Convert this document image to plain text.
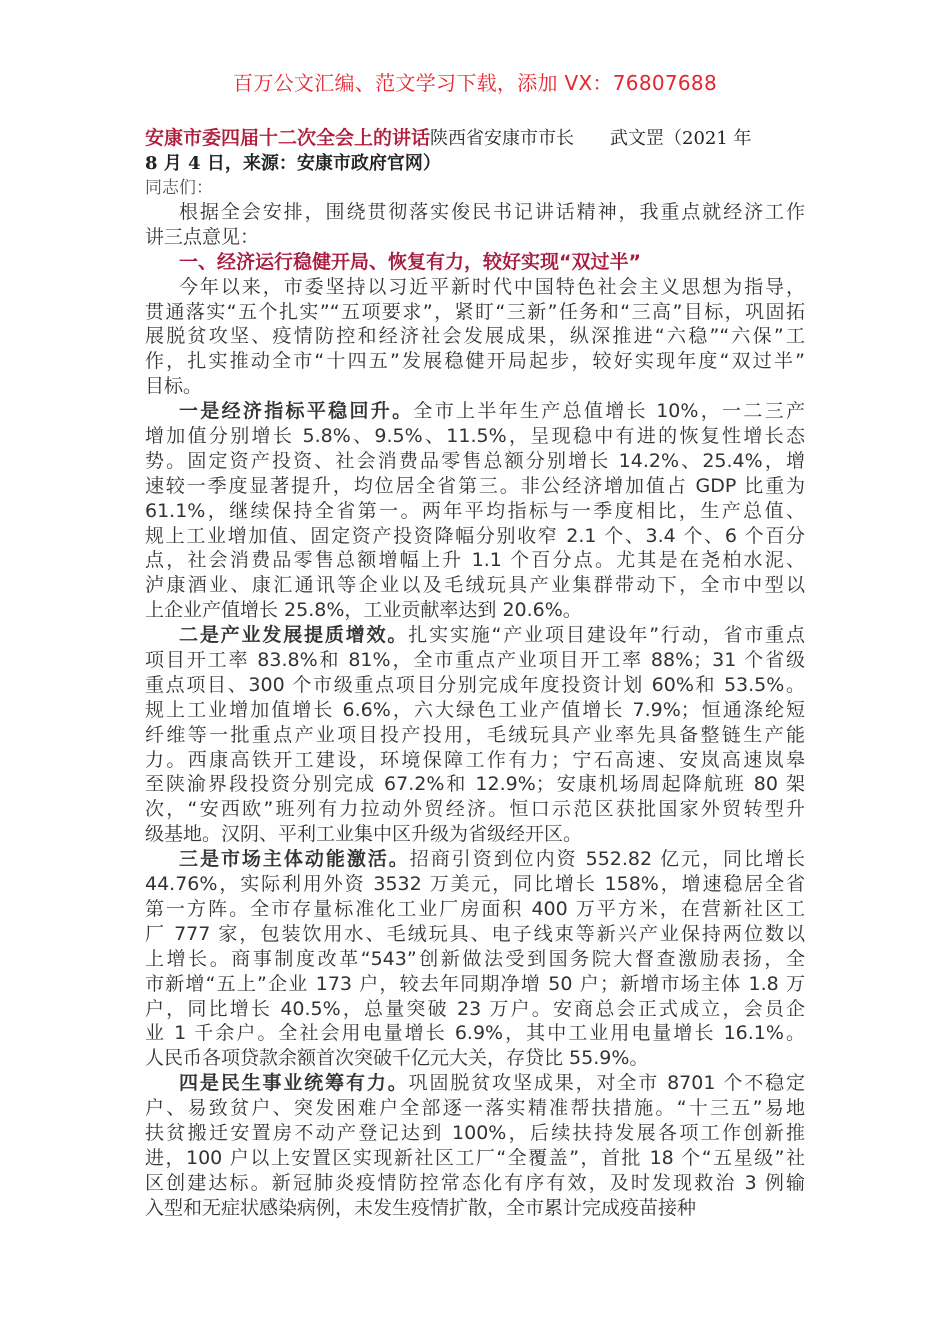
百万公文汇编、范文学习下载，添加 VX：76807688
安康市委四届十二次全会上的讲话陕西省安康市市长　　武文罡（2021 年
8 月 4 日，来源：安康市政府官网）
同志们：
根据全会安排，围绕贯彻落实俊民书记讲话精神，我重点就经济工作
讲三点意见：
一、经济运行稳健开局、恢复有力，较好实现“双过半”
今年以来，市委坚持以习近平新时代中国特色社会主义思想为指导，
贯通落实“五个扎实”“五项要求”，紧盯“三新”任务和“三高”目标，巩固拓
展脱贫攻坚、疫情防控和经济社会发展成果，纵深推进“六稳”“六保”工
作，扎实推动全市“十四五”发展稳健开局起步，较好实现年度“双过半”
目标。
一是经济指标平稳回升。全市上半年生产总值增长 10%，一二三产
增加值分别增长 5.8%、9.5%、11.5%，呈现稳中有进的恢复性增长态
势。固定资产投资、社会消费品零售总额分别增长 14.2%、25.4%，增
速较一季度显著提升，均位居全省第三。非公经济增加值占 GDP 比重为
61.1%，继续保持全省第一。两年平均指标与一季度相比，生产总值、
规上工业增加值、固定资产投资降幅分别收窄 2.1 个、3.4 个、6 个百分
点，社会消费品零售总额增幅上升 1.1 个百分点。尤其是在尧柏水泥、
泸康酒业、康汇通讯等企业以及毛绒玩具产业集群带动下，全市中型以
上企业产值增长 25.8%，工业贡献率达到 20.6%。
二是产业发展提质增效。扎实实施“产业项目建设年”行动，省市重点
项目开工率 83.8%和 81%，全市重点产业项目开工率 88%；31 个省级
重点项目、300 个市级重点项目分别完成年度投资计划 60%和 53.5%。
规上工业增加值增长 6.6%，六大绿色工业产值增长 7.9%；恒通涤纶短
纤维等一批重点产业项目投产投用，毛绒玩具产业率先具备整链生产能
力。西康高铁开工建设，环境保障工作有力；宁石高速、安岚高速岚皋
至陕渝界段投资分别完成 67.2%和 12.9%；安康机场周起降航班 80 架
次，“安西欧”班列有力拉动外贸经济。恒口示范区获批国家外贸转型升
级基地。汉阴、平利工业集中区升级为省级经开区。
三是市场主体动能激活。招商引资到位内资 552.82 亿元，同比增长
44.76%，实际利用外资 3532 万美元，同比增长 158%，增速稳居全省
第一方阵。全市存量标准化工业厂房面积 400 万平方米，在营新社区工
厂 777 家，包装饮用水、毛绒玩具、电子线束等新兴产业保持两位数以
上增长。商事制度改革“543”创新做法受到国务院大督查激励表扬，全
市新增“五上”企业 173 户，较去年同期净增 50 户；新增市场主体 1.8 万
户，同比增长 40.5%，总量突破 23 万户。安商总会正式成立，会员企
业 1 千余户。全社会用电量增长 6.9%，其中工业用电量增长 16.1%。
人民币各项贷款余额首次突破千亿元大关，存贷比 55.9%。
四是民生事业统筹有力。巩固脱贫攻坚成果，对全市 8701 个不稳定
户、易致贫户、突发困难户全部逐一落实精准帮扶措施。“十三五”易地
扶贫搬迁安置房不动产登记达到 100%，后续扶持发展各项工作创新推
进，100 户以上安置区实现新社区工厂“全覆盖”，首批 18 个“五星级”社
区创建达标。新冠肺炎疫情防控常态化有序有效，及时发现救治 3 例输
入型和无症状感染病例，未发生疫情扩散，全市累计完成疫苗接种
